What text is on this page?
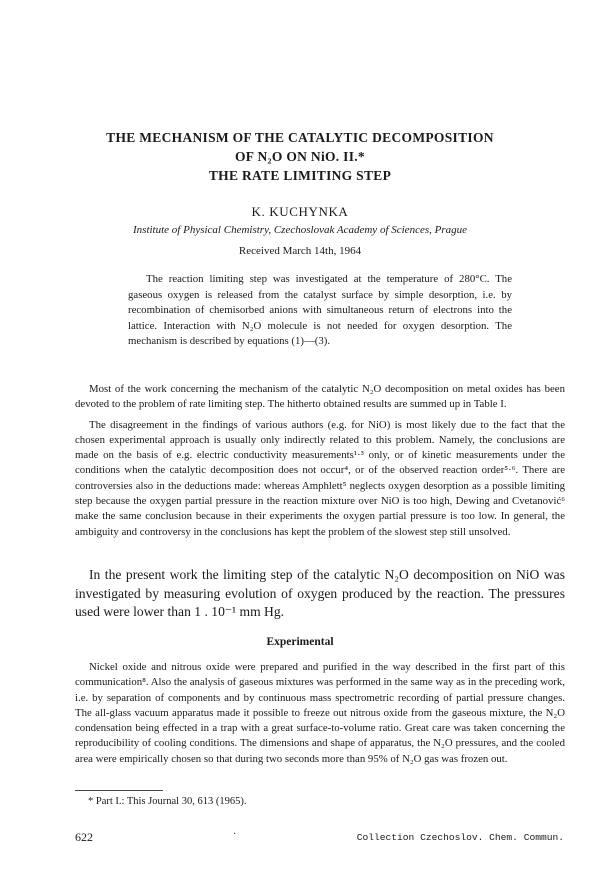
THE MECHANISM OF THE CATALYTIC DECOMPOSITION
OF N₂O ON NiO. II.*
THE RATE LIMITING STEP
K. KUCHYNKA
Institute of Physical Chemistry, Czechoslovak Academy of Sciences, Prague
Received March 14th, 1964

The reaction limiting step was investigated at the temperature of 280°C. The gaseous oxygen is released from the catalyst surface by simple desorption, i.e. by recombination of chemisorbed anions with simultaneous return of electrons into the lattice. Interaction with N₂O molecule is not needed for oxygen desorption. The mechanism is described by equations (1)—(3).

Most of the work concerning the mechanism of the catalytic N₂O decomposition on metal oxides has been devoted to the problem of rate limiting step. The hitherto obtained results are summed up in Table I.

The disagreement in the findings of various authors (e.g. for NiO) is most likely due to the fact that the chosen experimental approach is usually only indirectly related to this problem. Namely, the conclusions are made on the basis of e.g. electric conductivity measurements¹·³ only, or of kinetic measurements under the conditions when the catalytic decomposition does not occur⁴, or of the observed reaction order⁵·⁶. There are controversies also in the deductions made: whereas Amphlett⁵ neglects oxygen desorption as a possible limiting step because the oxygen partial pressure in the reaction mixture over NiO is too high, Dewing and Cvetanović⁶ make the same conclusion because in their experiments the oxygen partial pressure is too low. In general, the ambiguity and controversy in the conclusions has kept the problem of the slowest step still unsolved.

In the present work the limiting step of the catalytic N₂O decomposition on NiO was investigated by measuring evolution of oxygen produced by the reaction. The pressures used were lower than 1 . 10⁻¹ mm Hg.

Experimental

Nickel oxide and nitrous oxide were prepared and purified in the way described in the first part of this communication⁸. Also the analysis of gaseous mixtures was performed in the same way as in the preceding work, i.e. by separation of components and by continuous mass spectrometric recording of partial pressure changes. The all-glass vacuum apparatus made it possible to freeze out nitrous oxide from the gaseous mixture, the N₂O condensation being effected in a trap with a great surface-to-volume ratio. Great care was taken concerning the reproducibility of cooling conditions. The dimensions and shape of apparatus, the N₂O pressures, and the cooled area were empirically chosen so that during two seconds more than 95% of N₂O gas was frozen out.

* Part I.: This Journal 30, 613 (1965).
622	·	Collection Czechoslov. Chem. Commun.
